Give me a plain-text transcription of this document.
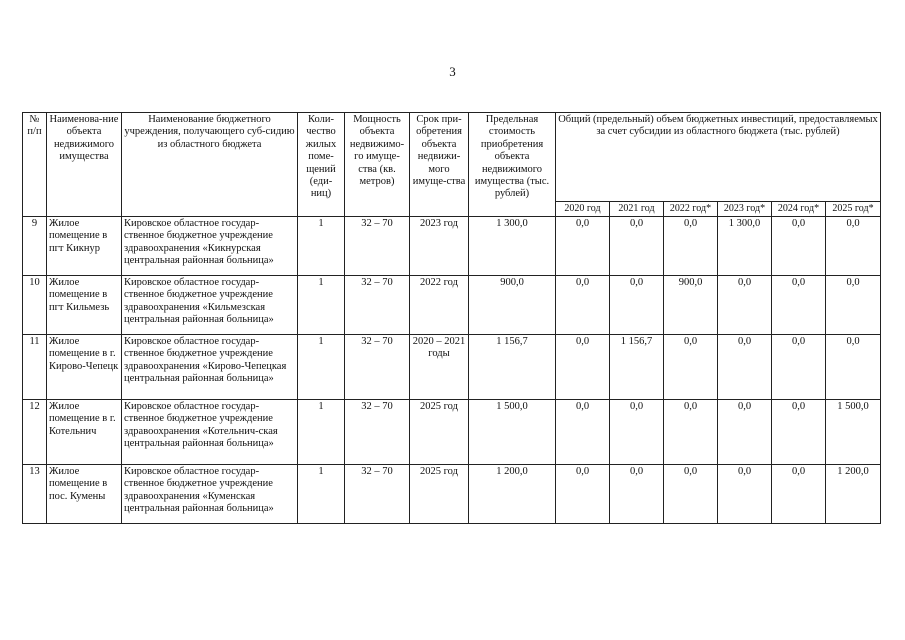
3
№ п/п	Наименова-ние объекта недвижимого имущества	Наименование бюджетного учреждения, получающего суб-сидию из областного бюджета	Коли-чество жилых поме-щений (еди-ниц)	Мощность объекта недвижимо-го имуще-ства (кв. метров)	Срок при-обретения объекта недвижи-мого имуще-ства	Предельная стоимость приобретения объекта недвижимого имущества (тыс. рублей)	Общий (предельный) объем бюджетных инвестиций, предоставляемых за счет субсидии из областного бюджета (тыс. рублей)					
							2020 год	2021 год	2022 год*	2023 год*	2024 год*	2025 год*
9	Жилое помещение в пгт Кикнур	Кировское областное государ-ственное бюджетное учреждение здравоохранения «Кикнурская центральная районная больница»	1	32 – 70	2023 год	1 300,0	0,0	0,0	0,0	1 300,0	0,0	0,0
10	Жилое помещение в пгт Кильмезь	Кировское областное государ-ственное бюджетное учреждение здравоохранения «Кильмезская центральная районная больница»	1	32 – 70	2022 год	900,0	0,0	0,0	900,0	0,0	0,0	0,0
11	Жилое помещение в г. Кирово-Чепецк	Кировское областное государ-ственное бюджетное учреждение здравоохранения «Кирово-Чепецкая центральная районная больница»	1	32 – 70	2020 – 2021 годы	1 156,7	0,0	1 156,7	0,0	0,0	0,0	0,0
12	Жилое помещение в г. Котельнич	Кировское областное государ-ственное бюджетное учреждение здравоохранения «Котельнич-ская центральная районная больница»	1	32 – 70	2025 год	1 500,0	0,0	0,0	0,0	0,0	0,0	1 500,0
13	Жилое помещение в пос. Кумены	Кировское областное государ-ственное бюджетное учреждение здравоохранения «Куменская центральная районная больница»	1	32 – 70	2025 год	1 200,0	0,0	0,0	0,0	0,0	0,0	1 200,0
